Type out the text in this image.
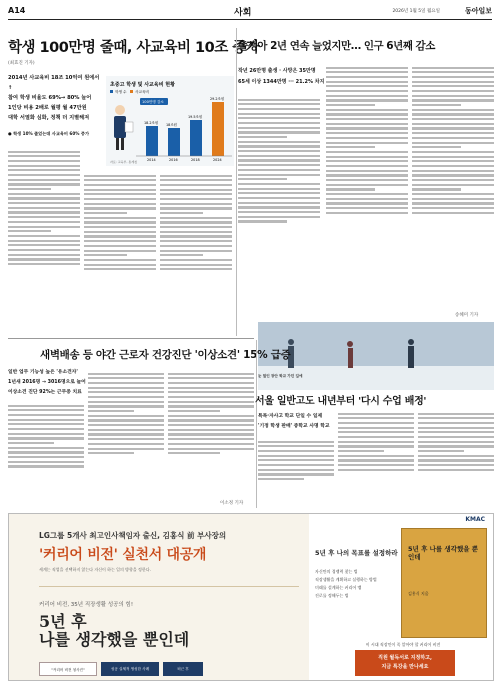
A14	사회	2026년 1월 5일 월요일	동아일보
학생 100만명 줄때, 사교육비 10조 증가
(최효진 기자)
2014년 사교육비 18조 10억여 원에서 ↑
참여 학생 비율도 69%→ 80% 늘어
1인당 비용 2배로 월평 월 47만원
대학 서열화 심화, 정책 더 지별해져
초중고 학생 및 사교육비 현황
학생 수 사교육비
100만명 감소
18.2조원
2014
18조원
2016
19.5조원
2018
29.2조원
2024
자료: 교육부, 통계청
● 학생 10% 줄었는데 사교육비 60% 증가
출생아 2년 연속 늘었지만… 인구 6년째 감소
작년 26만명 출생 · 사망은 35만명
65세 이상 1344만명 ··· 21.2% 차지
송혜미 기자
새벽배송 등 야간 근로자 건강진단 '이상소견' 15% 급증
일반 업무 기능성 높은 '유소견자'
1년새 2016명 → 3016명으로 늘어
이상소견 진단 92%는 근무중 치료
이소정 기자
눈 덮인 장안 학교 가던 길에
서울 일반고도 내년부터 '다시 수업 배정'
특목·자사고 학교 단일 수 일제
'기정 학생 판배' 중학교 사명 학교
LG그룹 5개사 최고인사책임자 출신, 김홍식 前 부사장의
'커리어 비전' 실천서 대공개
세계는 직업을 선택하지 않는다 자신이 하는 일의 방향을 정한다.
커리어 비전, 35년 직장생활 성공의 힘!
5년 후
나를 생각했을 뿐인데
"커리어 비전 청사진"	성공 실체적 생성한 사례	퇴근 후
KMAC
5년 후 나를 생각했을 뿐인데
김홍식 지음
5년 후 나의 목표를 설정하라
자신만의 경쟁력 찾는 법
직장생활을 계획하고 실행하는 방법
미래를 설계하는 커리어 맵
진로를 정해두는 법
이 시대 직장인이 꼭 알아야 할 커리어 비전
직원 월독서로 지정하고,
지금 특강을 만나세요
